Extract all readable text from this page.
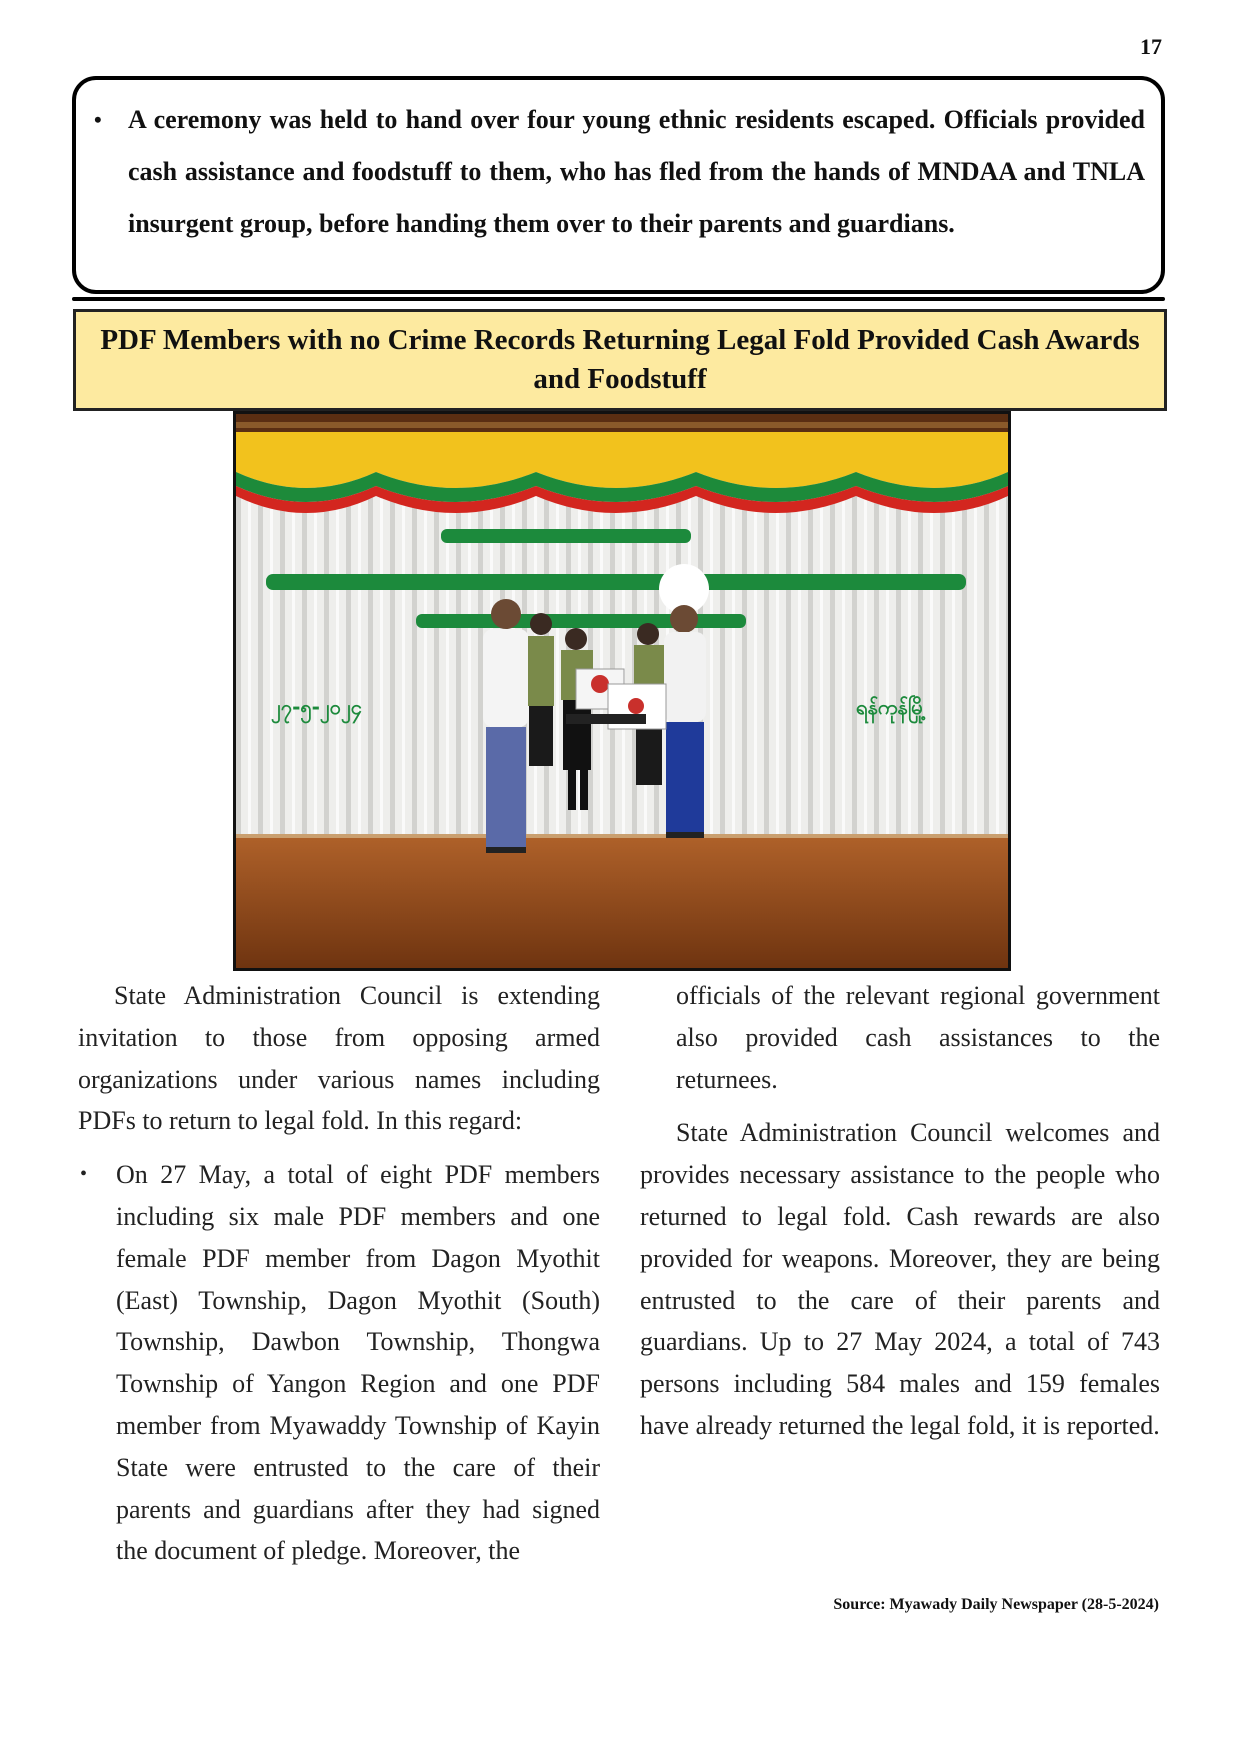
17

• A ceremony was held to hand over four young ethnic residents escaped. Officials provided cash assistance and foodstuff to them, who has fled from the hands of MNDAA and TNLA insurgent group, before handing them over to their parents and guardians.

PDF Members with no Crime Records Returning Legal Fold Provided Cash Awards and Foodstuff
၂၇-၅-၂၀၂၄	ရန်ကုန်မြို့

State Administration Council is extending invitation to those from opposing armed organizations under various names including PDFs to return to legal fold. In this regard:

• On 27 May, a total of eight PDF members including six male PDF members and one female PDF member from Dagon Myothit (East) Township, Dagon Myothit (South) Township, Dawbon Township, Thongwa Township of Yangon Region and one PDF member from Myawaddy Township of Kayin State were entrusted to the care of their parents and guardians after they had signed the document of pledge. Moreover, the

officials of the relevant regional government also provided cash assistances to the returnees.

State Administration Council welcomes and provides necessary assistance to the people who returned to legal fold. Cash rewards are also provided for weapons. Moreover, they are being entrusted to the care of their parents and guardians. Up to 27 May 2024, a total of 743 persons including 584 males and 159 females have already returned the legal fold, it is reported.

Source: Myawady Daily Newspaper (28-5-2024)
